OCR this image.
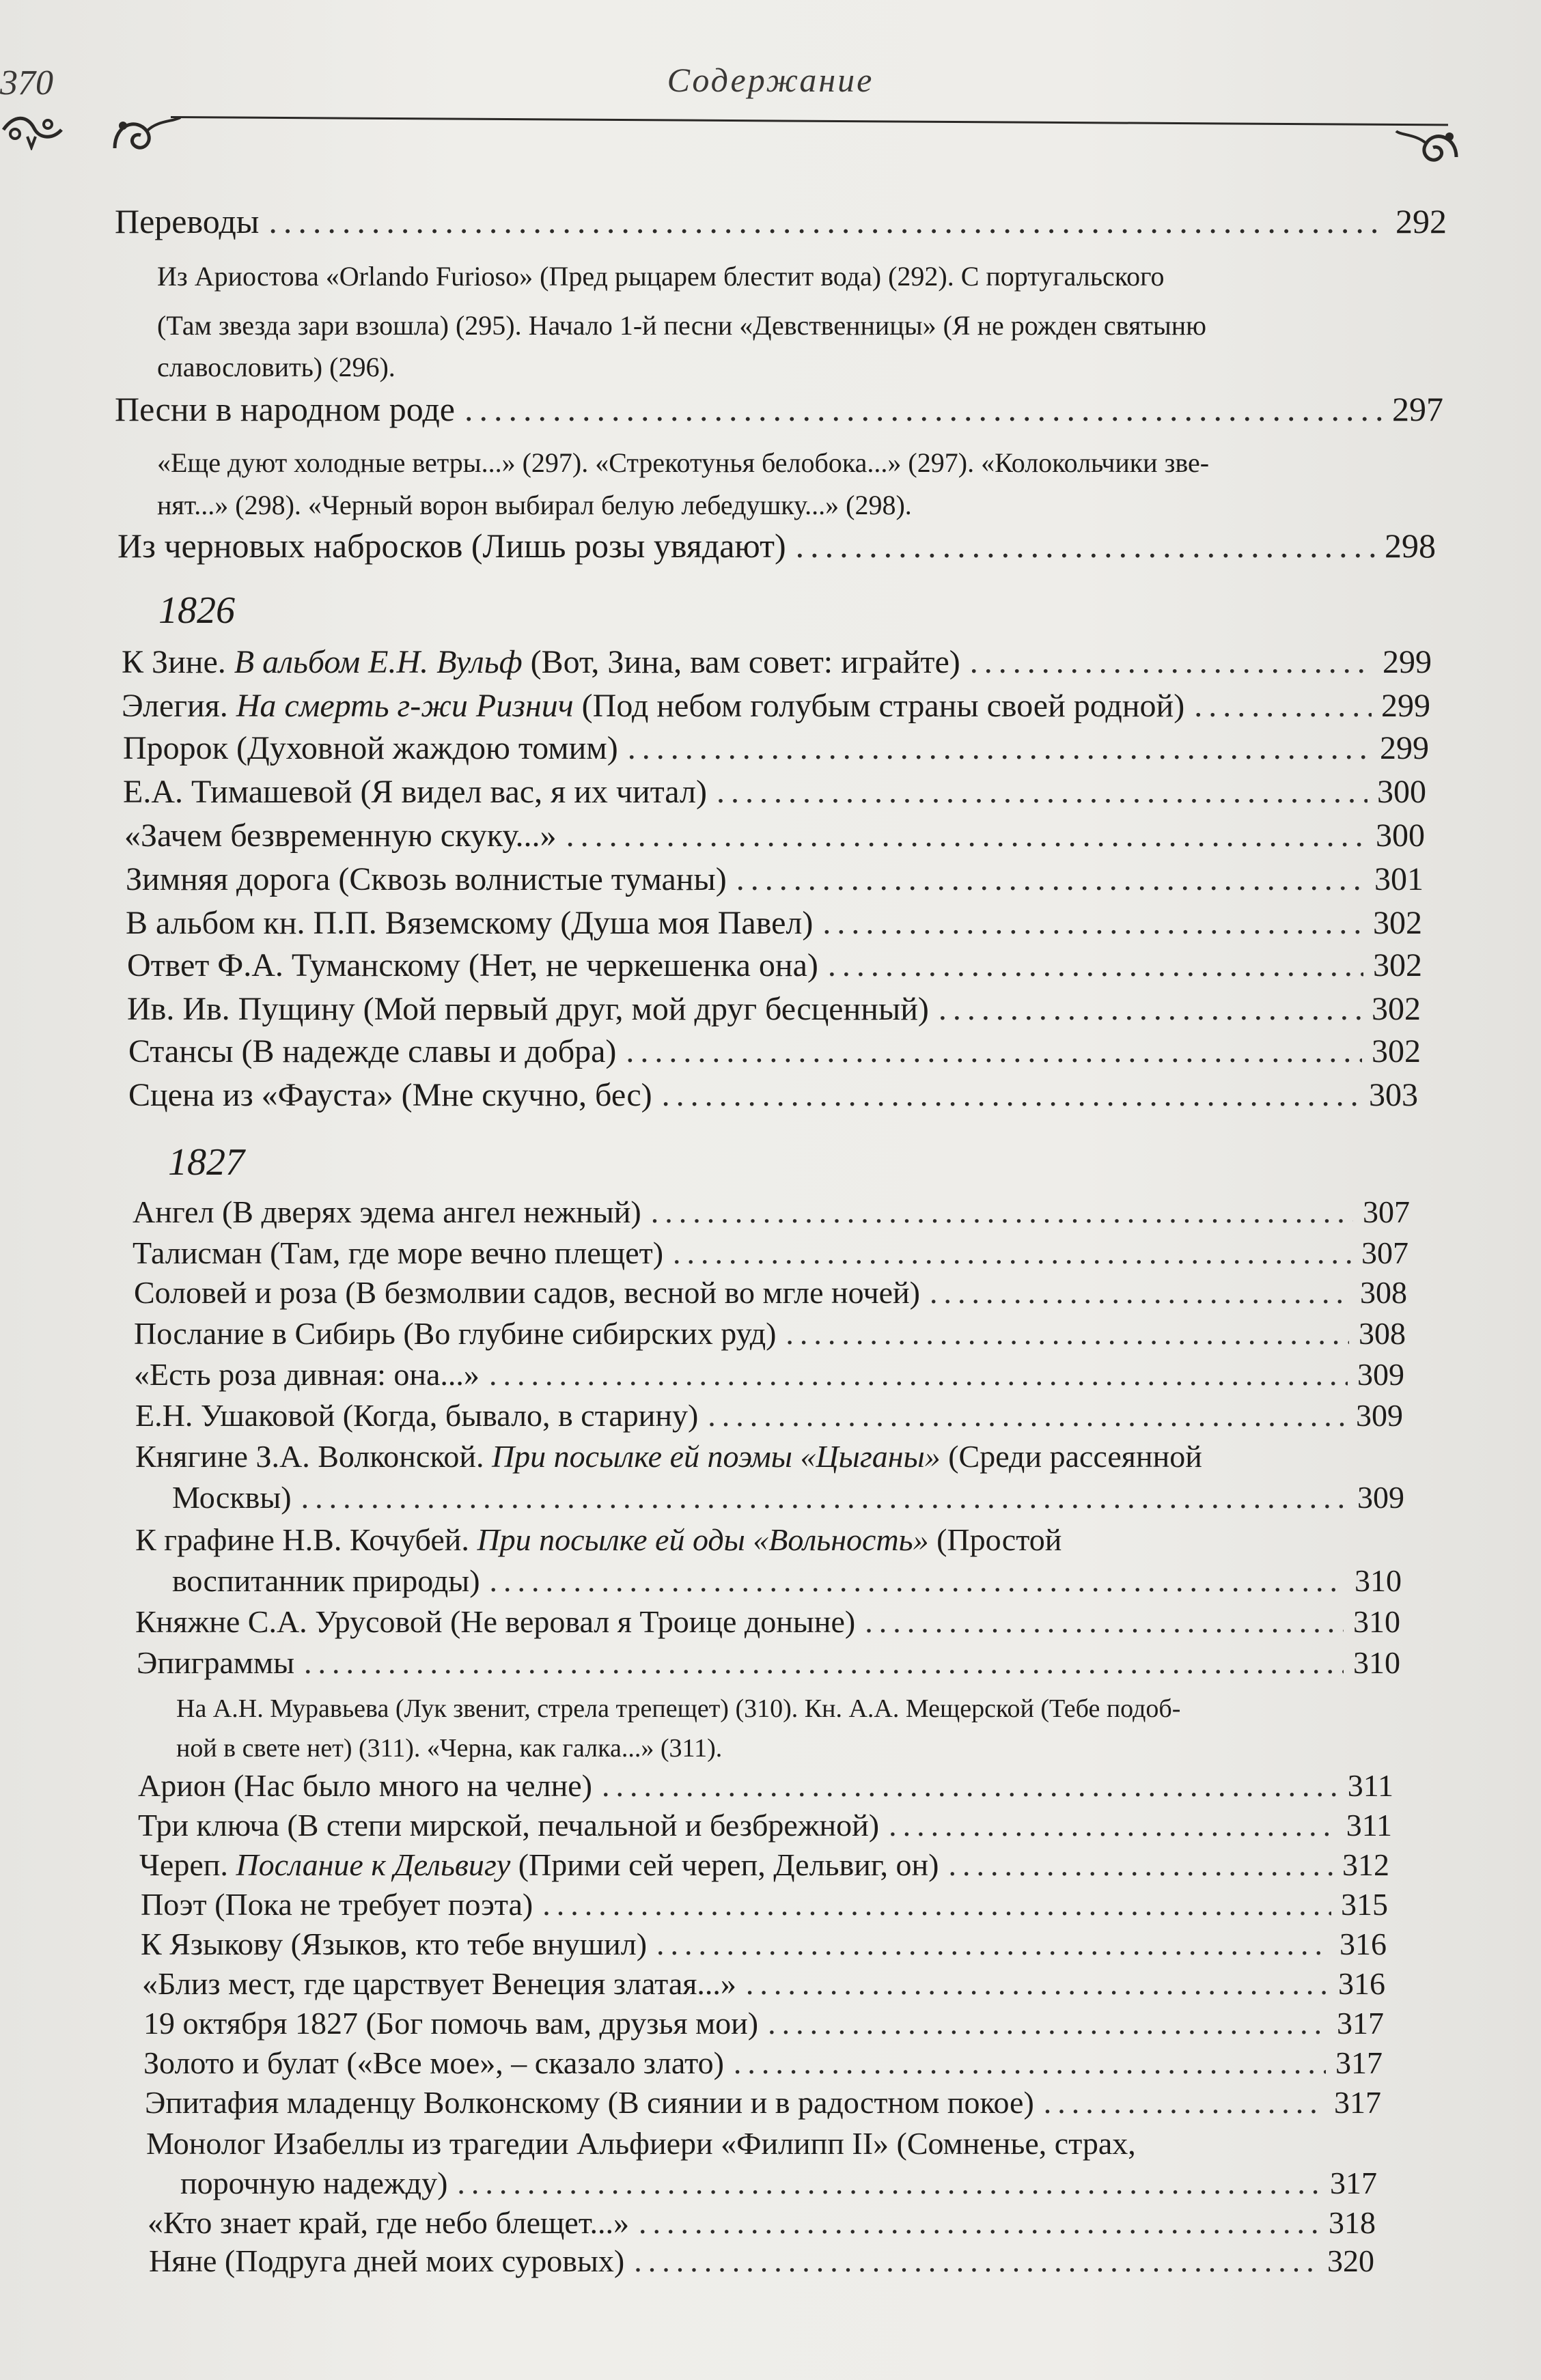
370	Содержание
Переводы .....	292
Из Ариостова «Orlando Furioso» (Пред рыцарем блестит вода) (292). С португальского
(Там звезда зари взошла) (295). Начало 1-й песни «Девственницы» (Я не рожден святыню
славословить) (296).
Песни в народном роде .....	297
«Еще дуют холодные ветры...» (297). «Стрекотунья белобока...» (297). «Колокольчики зве-
нят...» (298). «Черный ворон выбирал белую лебедушку...» (298).
Из черновых набросков (Лишь розы увядают) .....	298
1826
К Зине. В альбом Е.Н. Вульф (Вот, Зина, вам совет: играйте) .....	299
Элегия. На смерть г-жи Ризнич (Под небом голубым страны своей родной) .....	299
Пророк (Духовной жаждою томим) .....	299
Е.А. Тимашевой (Я видел вас, я их читал) .....	300
«Зачем безвременную скуку...» .....	300
Зимняя дорога (Сквозь волнистые туманы) .....	301
В альбом кн. П.П. Вяземскому (Душа моя Павел) .....	302
Ответ Ф.А. Туманскому (Нет, не черкешенка она) .....	302
Ив. Ив. Пущину (Мой первый друг, мой друг бесценный) .....	302
Стансы (В надежде славы и добра) .....	302
Сцена из «Фауста» (Мне скучно, бес) .....	303
1827
Ангел (В дверях эдема ангел нежный) .....	307
Талисман (Там, где море вечно плещет) .....	307
Соловей и роза (В безмолвии садов, весной во мгле ночей) .....	308
Послание в Сибирь (Во глубине сибирских руд) .....	308
«Есть роза дивная: она...» .....	309
Е.Н. Ушаковой (Когда, бывало, в старину) .....	309
Княгине З.А. Волконской. При посылке ей поэмы «Цыганы» (Среди рассеянной
Москвы) .....	309
К графине Н.В. Кочубей. При посылке ей оды «Вольность» (Простой
воспитанник природы) .....	310
Княжне С.А. Урусовой (Не веровал я Троице доныне) .....	310
Эпиграммы .....	310
На А.Н. Муравьева (Лук звенит, стрела трепещет) (310). Кн. А.А. Мещерской (Тебе подоб-
ной в свете нет) (311). «Черна, как галка...» (311).
Арион (Нас было много на челне) .....	311
Три ключа (В степи мирской, печальной и безбрежной) .....	311
Череп. Послание к Дельвигу (Прими сей череп, Дельвиг, он) .....	312
Поэт (Пока не требует поэта) .....	315
К Языкову (Языков, кто тебе внушил) .....	316
«Близ мест, где царствует Венеция златая...» .....	316
19 октября 1827 (Бог помочь вам, друзья мои) .....	317
Золото и булат («Все мое», – сказало злато) .....	317
Эпитафия младенцу Волконскому (В сиянии и в радостном покое) .....	317
Монолог Изабеллы из трагедии Альфиери «Филипп II» (Сомненье, страх,
порочную надежду) .....	317
«Кто знает край, где небо блещет...» .....	318
Няне (Подруга дней моих суровых) .....	320
